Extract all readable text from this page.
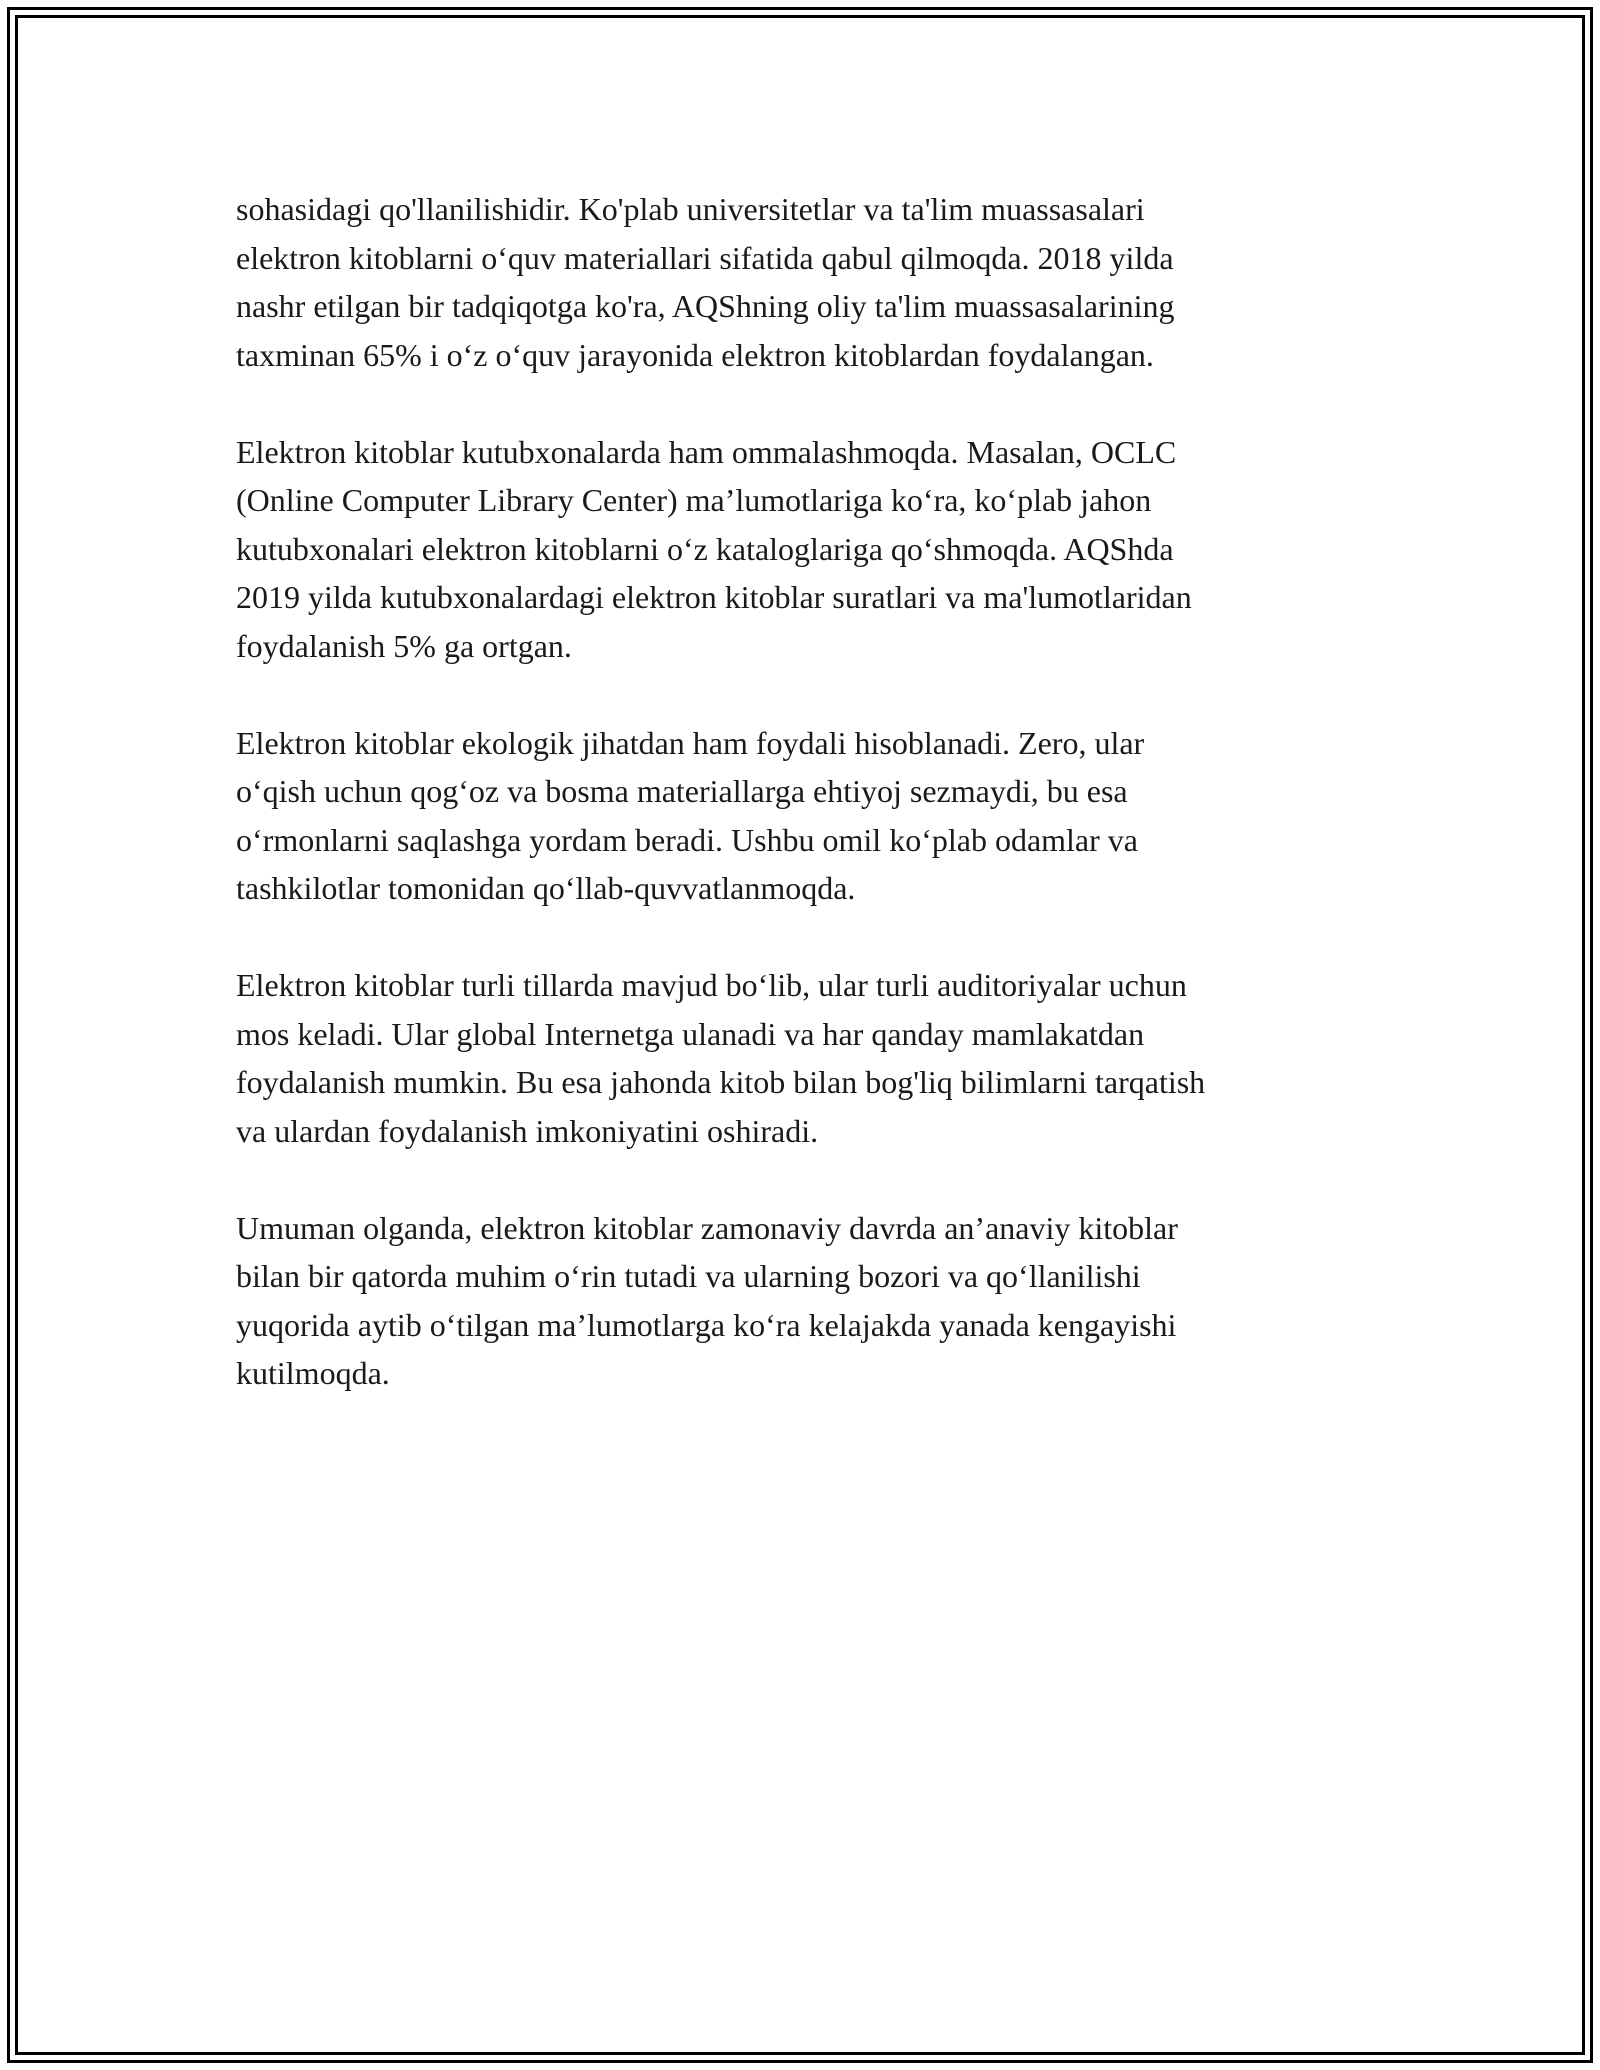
sohasidagi qo'llanilishidir. Ko'plab universitetlar va ta'lim muassasalari
elektron kitoblarni o‘quv materiallari sifatida qabul qilmoqda. 2018 yilda
nashr etilgan bir tadqiqotga ko'ra, AQShning oliy ta'lim muassasalarining
taxminan 65% i o‘z o‘quv jarayonida elektron kitoblardan foydalangan.

Elektron kitoblar kutubxonalarda ham ommalashmoqda. Masalan, OCLC
(Online Computer Library Center) ma’lumotlariga ko‘ra, ko‘plab jahon
kutubxonalari elektron kitoblarni o‘z kataloglariga qo‘shmoqda. AQShda
2019 yilda kutubxonalardagi elektron kitoblar suratlari va ma'lumotlaridan
foydalanish 5% ga ortgan.

Elektron kitoblar ekologik jihatdan ham foydali hisoblanadi. Zero, ular
o‘qish uchun qog‘oz va bosma materiallarga ehtiyoj sezmaydi, bu esa
o‘rmonlarni saqlashga yordam beradi. Ushbu omil ko‘plab odamlar va
tashkilotlar tomonidan qo‘llab-quvvatlanmoqda.

Elektron kitoblar turli tillarda mavjud bo‘lib, ular turli auditoriyalar uchun
mos keladi. Ular global Internetga ulanadi va har qanday mamlakatdan
foydalanish mumkin. Bu esa jahonda kitob bilan bog'liq bilimlarni tarqatish
va ulardan foydalanish imkoniyatini oshiradi.

Umuman olganda, elektron kitoblar zamonaviy davrda an’anaviy kitoblar
bilan bir qatorda muhim o‘rin tutadi va ularning bozori va qo‘llanilishi
yuqorida aytib o‘tilgan ma’lumotlarga ko‘ra kelajakda yanada kengayishi
kutilmoqda.
